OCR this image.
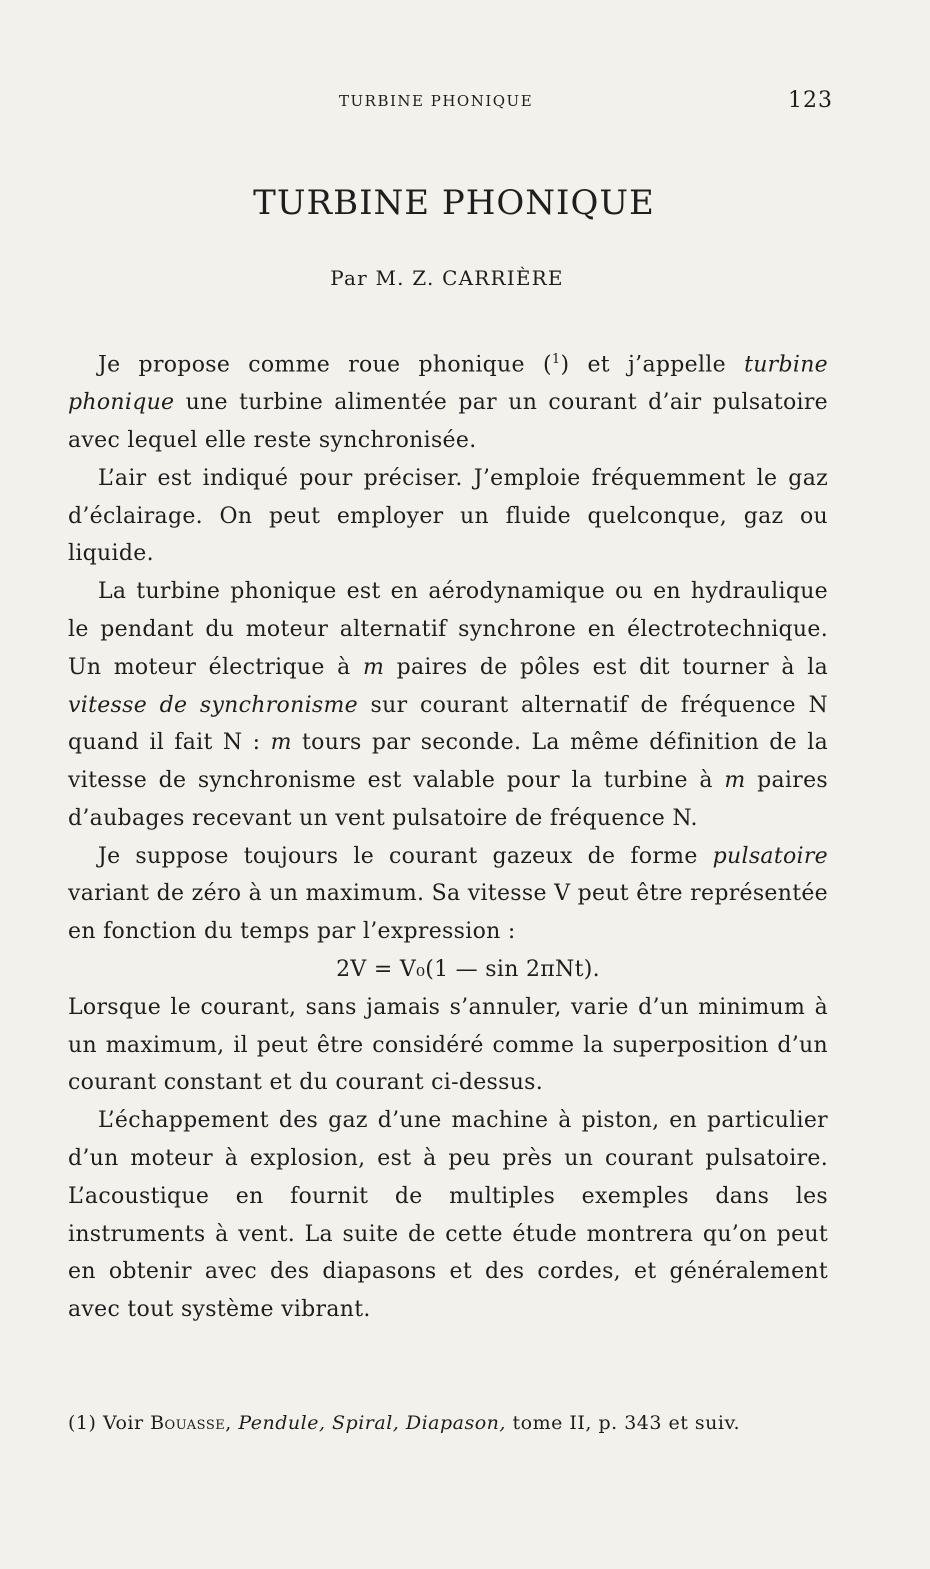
TURBINE PHONIQUE	123
TURBINE PHONIQUE
Par M. Z. CARRIÈRE

Je propose comme roue phonique ($^1$) et j’appelle turbine phonique une turbine alimentée par un courant d’air pulsatoire avec lequel elle reste synchronisée.

L’air est indiqué pour préciser. J’emploie fréquemment le gaz d’éclairage. On peut employer un fluide quelconque, gaz ou liquide.

La turbine phonique est en aérodynamique ou en hydraulique le pendant du moteur alternatif synchrone en électrotechnique. Un moteur électrique à m paires de pôles est dit tourner à la vitesse de synchronisme sur courant alternatif de fréquence N quand il fait N : m tours par seconde. La même définition de la vitesse de synchronisme est valable pour la turbine à m paires d’aubages recevant un vent pulsatoire de fréquence N.

Je suppose toujours le courant gazeux de forme pulsatoire variant de zéro à un maximum. Sa vitesse V peut être représentée en fonction du temps par l’expression :

2V = V₀(1 — sin 2πNt).

Lorsque le courant, sans jamais s’annuler, varie d’un minimum à un maximum, il peut être considéré comme la superposition d’un courant constant et du courant ci-dessus.

L’échappement des gaz d’une machine à piston, en particulier d’un moteur à explosion, est à peu près un courant pulsatoire. L’acoustique en fournit de multiples exemples dans les instruments à vent. La suite de cette étude montrera qu’on peut en obtenir avec des diapasons et des cordes, et généralement avec tout système vibrant.

(1) Voir Bouasse, Pendule, Spiral, Diapason, tome II, p. 343 et suiv.
